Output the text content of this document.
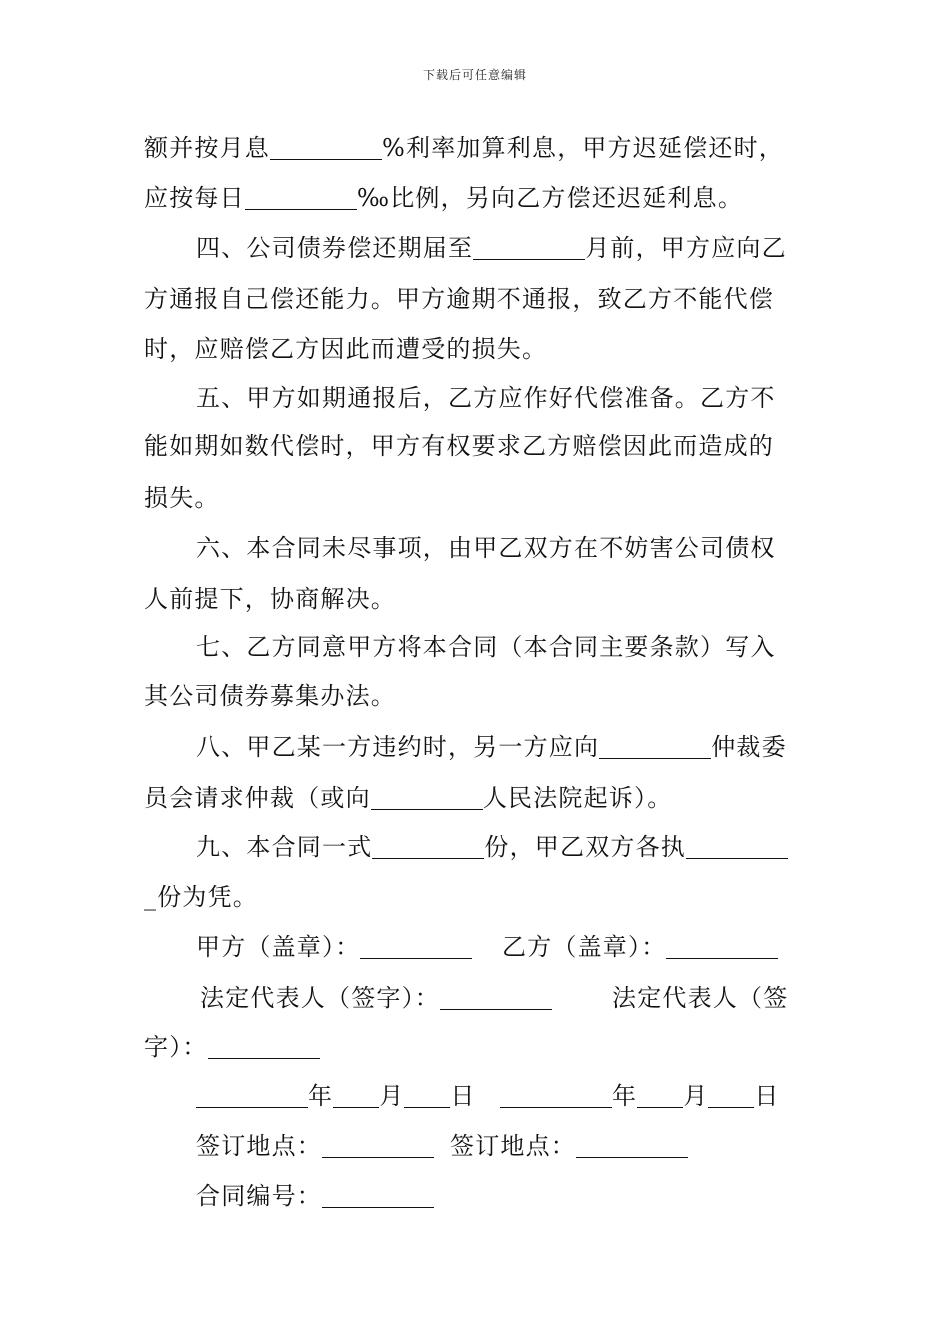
下载后可任意编辑
额并按月息	%利率加算利息，甲方迟延偿还时，
应按每日	‰比例，另向乙方偿还迟延利息。
四、公司债券偿还期届至	月前，甲方应向乙
方通报自己偿还能力。甲方逾期不通报，致乙方不能代偿
时，应赔偿乙方因此而遭受的损失。
五、甲方如期通报后，乙方应作好代偿准备。乙方不
能如期如数代偿时，甲方有权要求乙方赔偿因此而造成的
损失。
六、本合同未尽事项，由甲乙双方在不妨害公司债权
人前提下，协商解决。
七、乙方同意甲方将本合同（本合同主要条款）写入
其公司债券募集办法。
八、甲乙某一方违约时，另一方应向	仲裁委
员会请求仲裁（或向	人民法院起诉）。
九、本合同一式	份，甲乙双方各执
_份为凭。
甲方（盖章）：	乙方（盖章）：
法定代表人（签字）：	法定代表人（签
字）：
年 月 日	年 月 日
签订地点：	签订地点：
合同编号：
